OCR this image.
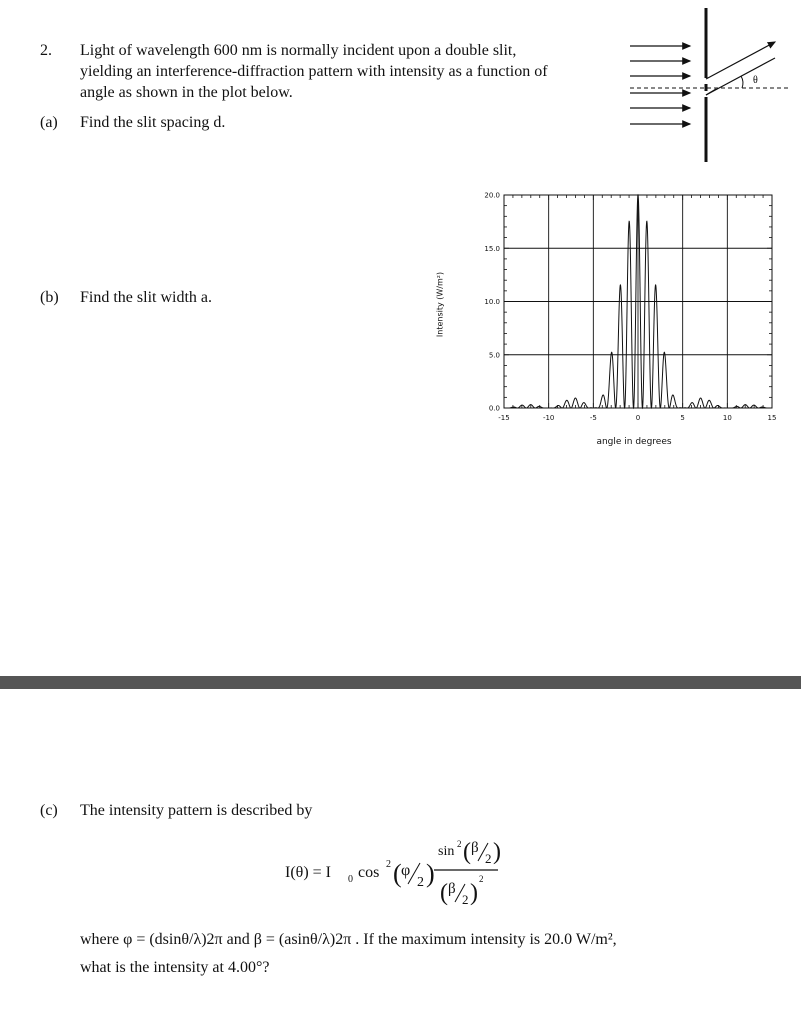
2. Light of wavelength 600 nm is normally incident upon a double slit,
yielding an interference-diffraction pattern with intensity as a function of
angle as shown in the plot below.
(a) Find the slit spacing d.
(b) Find the slit width a.
θ
Intensity (W/m²)
0.0
5.0
10.0
15.0
20.0
-15	-10	-5	0	5	10	15
angle in degrees
(c) The intensity pattern is described by
I(θ) = I 0 cos 2 ( φ
2 )
sin 2 ( β
2 )
( β
2 )
2
where φ = (dsinθ/λ)2π and β = (asinθ/λ)2π . If the maximum intensity is 20.0 W/m²,
what is the intensity at 4.00°?
